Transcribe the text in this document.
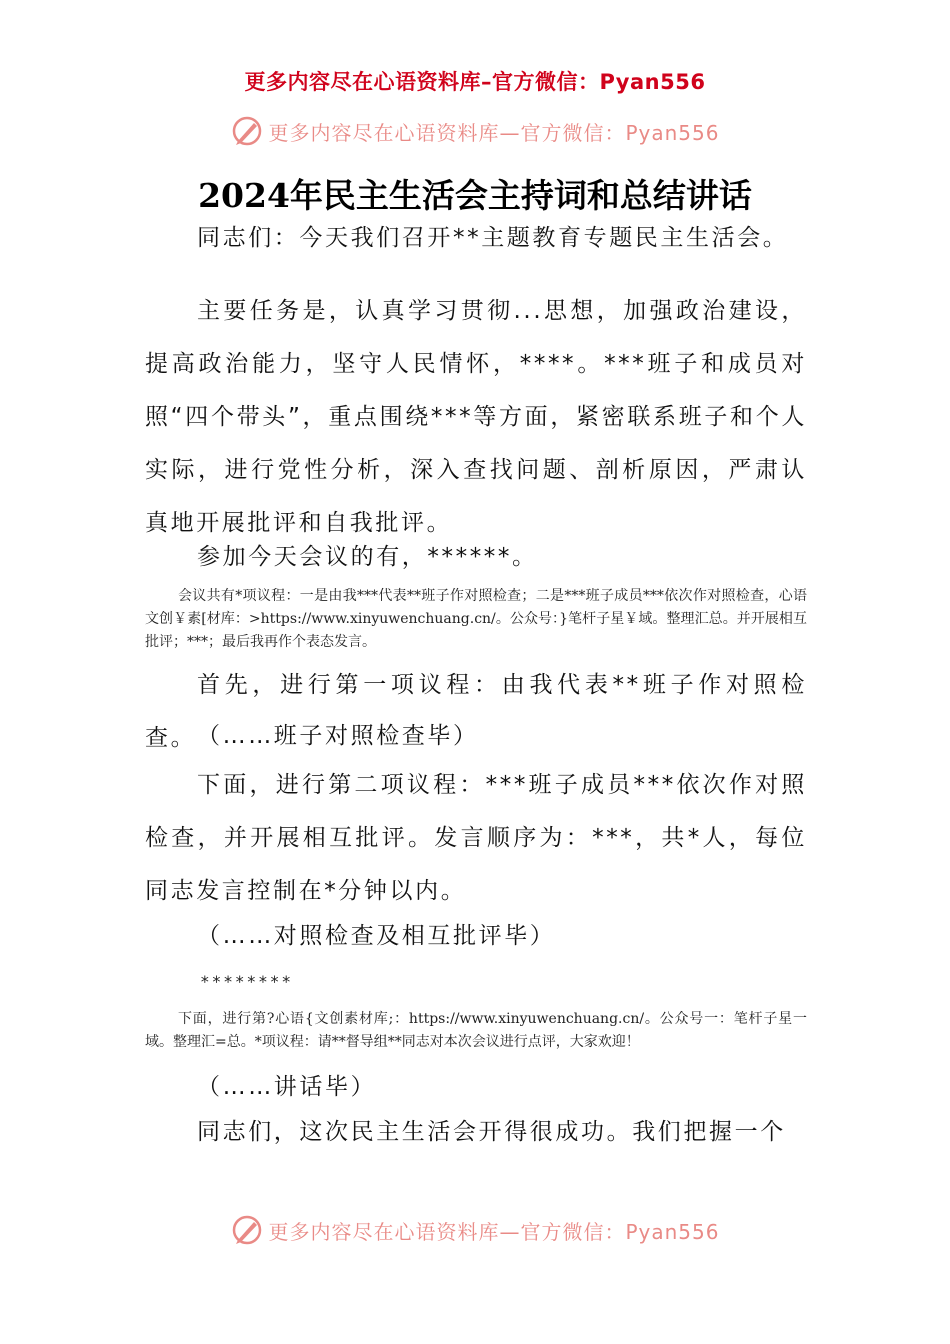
更多内容尽在心语资料库–官方微信：Pyan556
更多内容尽在心语资料库—官方微信：Pyan556
2024年民主生活会主持词和总结讲话

同志们：今天我们召开**主题教育专题民主生活会。

主要任务是，认真学习贯彻...思想，加强政治建设，提高政治能力，坚守人民情怀，****。***班子和成员对照“四个带头”，重点围绕***等方面，紧密联系班子和个人实际，进行党性分析，深入查找问题、剖析原因，严肃认真地开展批评和自我批评。

参加今天会议的有，******。

会议共有*项议程：一是由我***代表**班子作对照检查；二是***班子成员***依次作对照检查，心语文创￥素[材库：>https://www.xinyuwenchuang.cn/。公众号：}笔杆子星￥域。整理汇总。并开展相互批评；***；最后我再作个表态发言。

首先，进行第一项议程：由我代表**班子作对照检查。 （……班子对照检查毕）

下面，进行第二项议程：***班子成员***依次作对照检查，并开展相互批评。发言顺序为：***，共*人，每位同志发言控制在*分钟以内。

（……对照检查及相互批评毕）

********

下面，进行第?心语{文创素材库;：https://www.xinyuwenchuang.cn/。公众号一：笔杆子星一域。整理汇=总。*项议程：请**督导组**同志对本次会议进行点评，大家欢迎！

（……讲话毕）

同志们，这次民主生活会开得很成功。我们把握一个

更多内容尽在心语资料库—官方微信：Pyan556
